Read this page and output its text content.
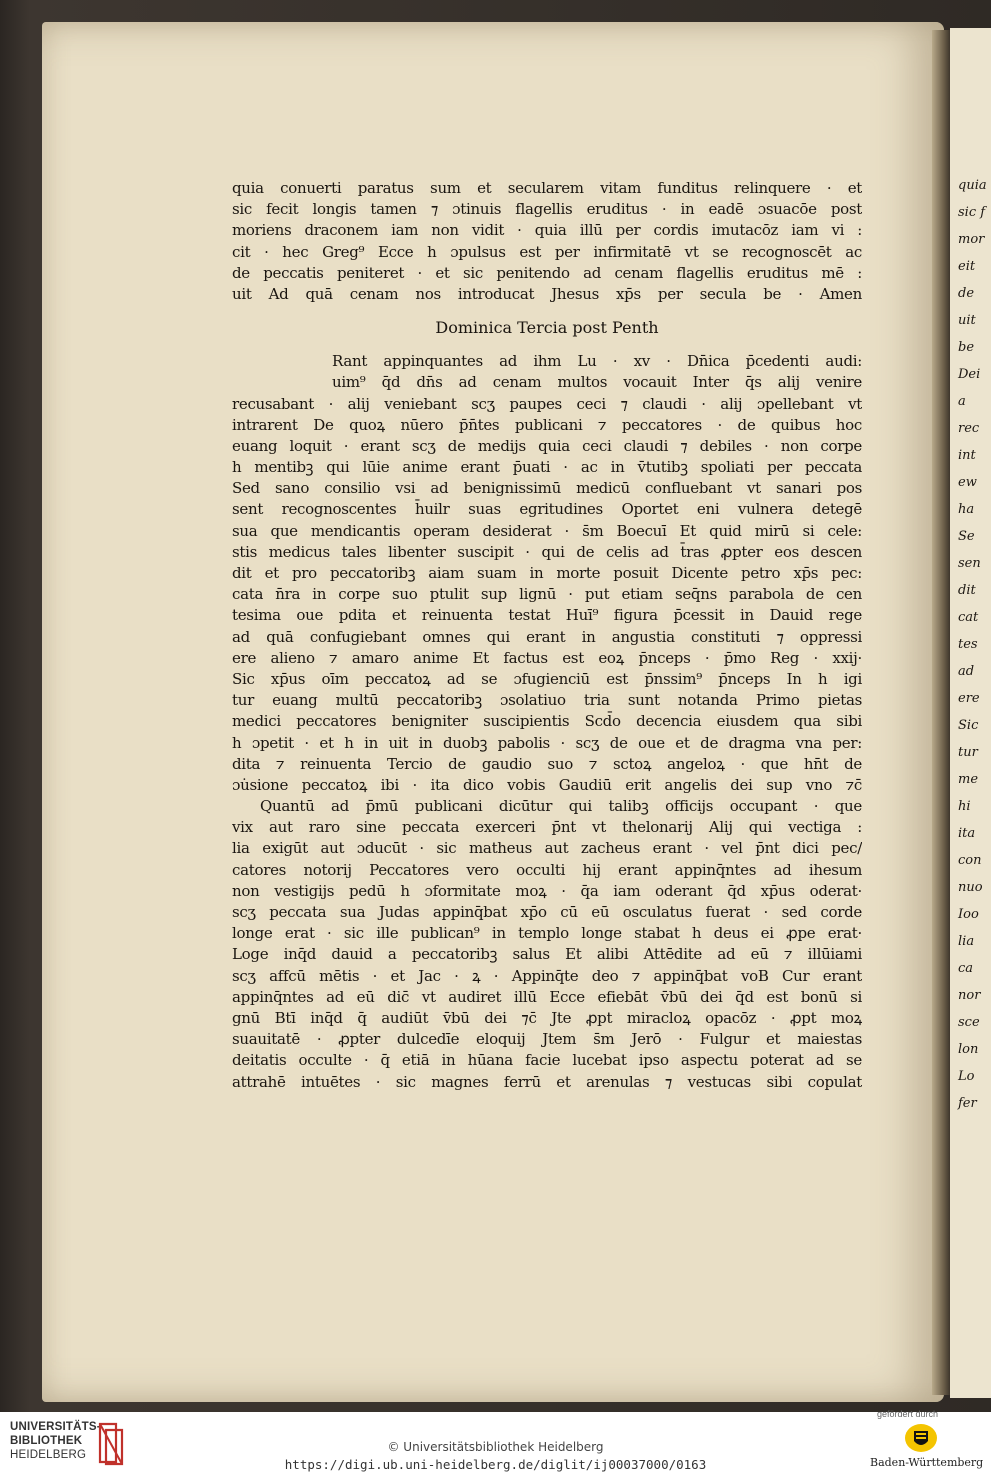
quia
sic f
mor
eit
de
uit
be
Dei
a
rec
int
ew
ha
Se
sen
dit
cat
tes
ad
ere
Sic
tur
me
hi
ita
con
nuo
Ioo
lia
ca
nor
sce
lon
Lo
fer
quia conuerti paratus sum et secularem vitam funditus relinquere · et
sic fecit longis tamen ⁊ ɔtinuis flagellis eruditus · in eadē ɔsuacōe post
moriens draconem iam non vidit · quia illū per cordis imutacōz iam vi :
cit · hec Greg⁹ Ecce h ɔpulsus est per infirmitatē vt se recognoscēt ac
de peccatis peniteret · et sic penitendo ad cenam flagellis eruditus mē :
uit Ad quā cenam nos introducat Jhesus xp̄s per secula be · Amen
Dominica Tercia post Penth
Rant appinquantes ad ihm Lu · xv · Dn̄ica p̄cedenti audi:
uim⁹ q̄d dn̄s ad cenam multos vocauit Inter q̄s alij venire
recusabant · alij veniebant scʒ paupes ceci ⁊ claudi · alij ɔpellebant vt
intrarent De quoꝝ nūero p̄n̄tes publicani ⁊ peccatores · de quibus hoc
euang loquit · erant scʒ de medijs quia ceci claudi ⁊ debiles · non corpe
h mentibꝫ qui lūie anime erant p̄uati · ac in v̄tutibꝫ spoliati per peccata
Sed sano consilio vsi ad benignissimū medicū confluebant vt sanari pos
sent recognoscentes h̄uilr suas egritudines Oportet eni vulnera detegē
sua que mendicantis operam desiderat · s̄m Boecuī Et quid mirū si cele:
stis medicus tales libenter suscipit · qui de celis ad t̄ras ꝓpter eos descen
dit et pro peccatoribꝫ aiam suam in morte posuit Dicente petro xp̄s pec:
cata n̄ra in corpe suo ptulit sup lignū · put etiam seq̄ns parabola de cen
tesima oue pdita et reinuenta testat Huī⁹ figura p̄cessit in Dauid rege
ad quā confugiebant omnes qui erant in angustia constituti ⁊ oppressi
ere alieno ⁊ amaro anime Et factus est eoꝝ p̄nceps · p̄mo Reg · xxij·
Sic xp̄us oīm peccatoꝝ ad se ɔfugienciū est p̄nssim⁹ p̄nceps In h igi
tur euang multū peccatoribꝫ ɔsolatiuo tria sunt notanda Primo pietas
medici peccatores benigniter suscipientis Scd̄o decencia eiusdem qua sibi
h ɔpetit · et h in uit in duobꝫ pabolis · scʒ de oue et de dragma vna per:
dita ⁊ reinuenta Tercio de gaudio suo ⁊ sctoꝝ angeloꝝ · que hn̄t de
ɔu̇sione peccatoꝝ ibi · ita dico vobis Gaudiū erit angelis dei sup vno ⁊c̄
Quantū ad p̄mū publicani dicūtur qui talibꝫ officijs occupant · que
vix aut raro sine peccata exerceri p̄nt vt thelonarij Alij qui vectiga :
lia exigūt aut ɔducūt · sic matheus aut zacheus erant · vel p̄nt dici pec/
catores notorij Peccatores vero occulti hij erant appinq̄ntes ad ihesum
non vestigijs pedū h ɔformitate moꝝ · q̄a iam oderant q̄d xp̄us oderat·
scʒ peccata sua Judas appinq̄bat xp̄o cū eū osculatus fuerat · sed corde
longe erat · sic ille publican⁹ in templo longe stabat h deus ei ꝓpe erat·
Loge inq̄d dauid a peccatoribꝫ salus Et alibi Attēdite ad eū ⁊ illūiami
scʒ affcū mētis · et Jac · ꝝ · Appinq̄te deo ⁊ appinq̄bat voB Cur erant
appinq̄ntes ad eū dic̄ vt audiret illū Ecce efiebāt v̄bū dei q̄d est bonū si
gnū Btī inq̄d q̄ audiūt v̄bū dei ⁊c̄ Jte ꝓpt miracloꝝ opacōz · ꝓpt moꝝ
suauitatē · ꝓpter dulcedīe eloquij Jtem s̄m Jerō · Fulgur et maiestas
deitatis occulte · q̄ etiā in hūana facie lucebat ipso aspectu poterat ad se
attrahē intuētes · sic magnes ferrū et arenulas ⁊ vestucas sibi copulat
UNIVERSITÄTS-
BIBLIOTHEK
HEIDELBERG
© Universitätsbibliothek Heidelberg
https://digi.ub.uni-heidelberg.de/diglit/ij00037000/0163
gefördert durch
Baden-Württemberg
